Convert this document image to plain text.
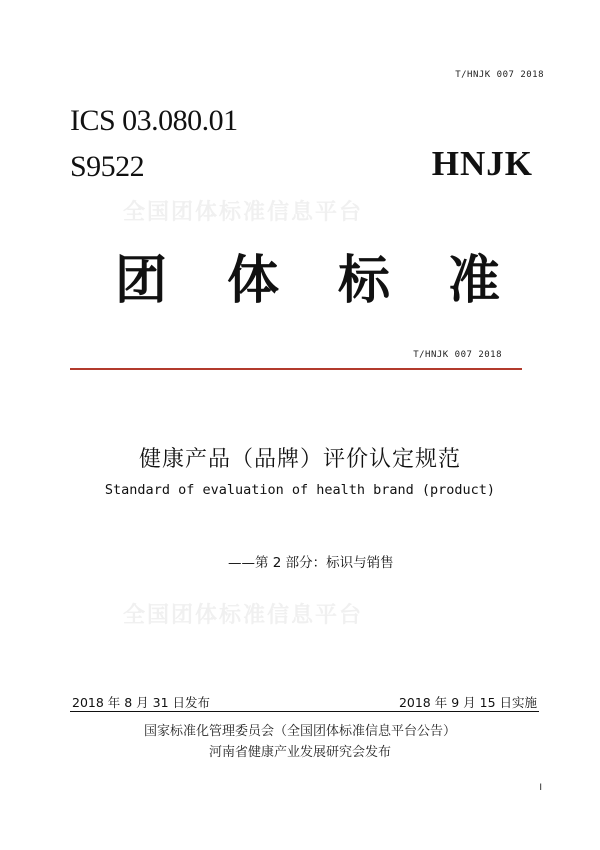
T/HNJK 007 2018
ICS 03.080.01
S9522	HNJK
全国团体标准信息平台
团 体 标 准
T/HNJK 007 2018
健康产品（品牌）评价认定规范
Standard of evaluation of health brand (product)
——第 2 部分：标识与销售
全国团体标准信息平台
2018 年 8 月 31 日发布	2018 年 9 月 15 日实施
国家标准化管理委员会（全国团体标准信息平台公告）
河南省健康产业发展研究会发布
I
